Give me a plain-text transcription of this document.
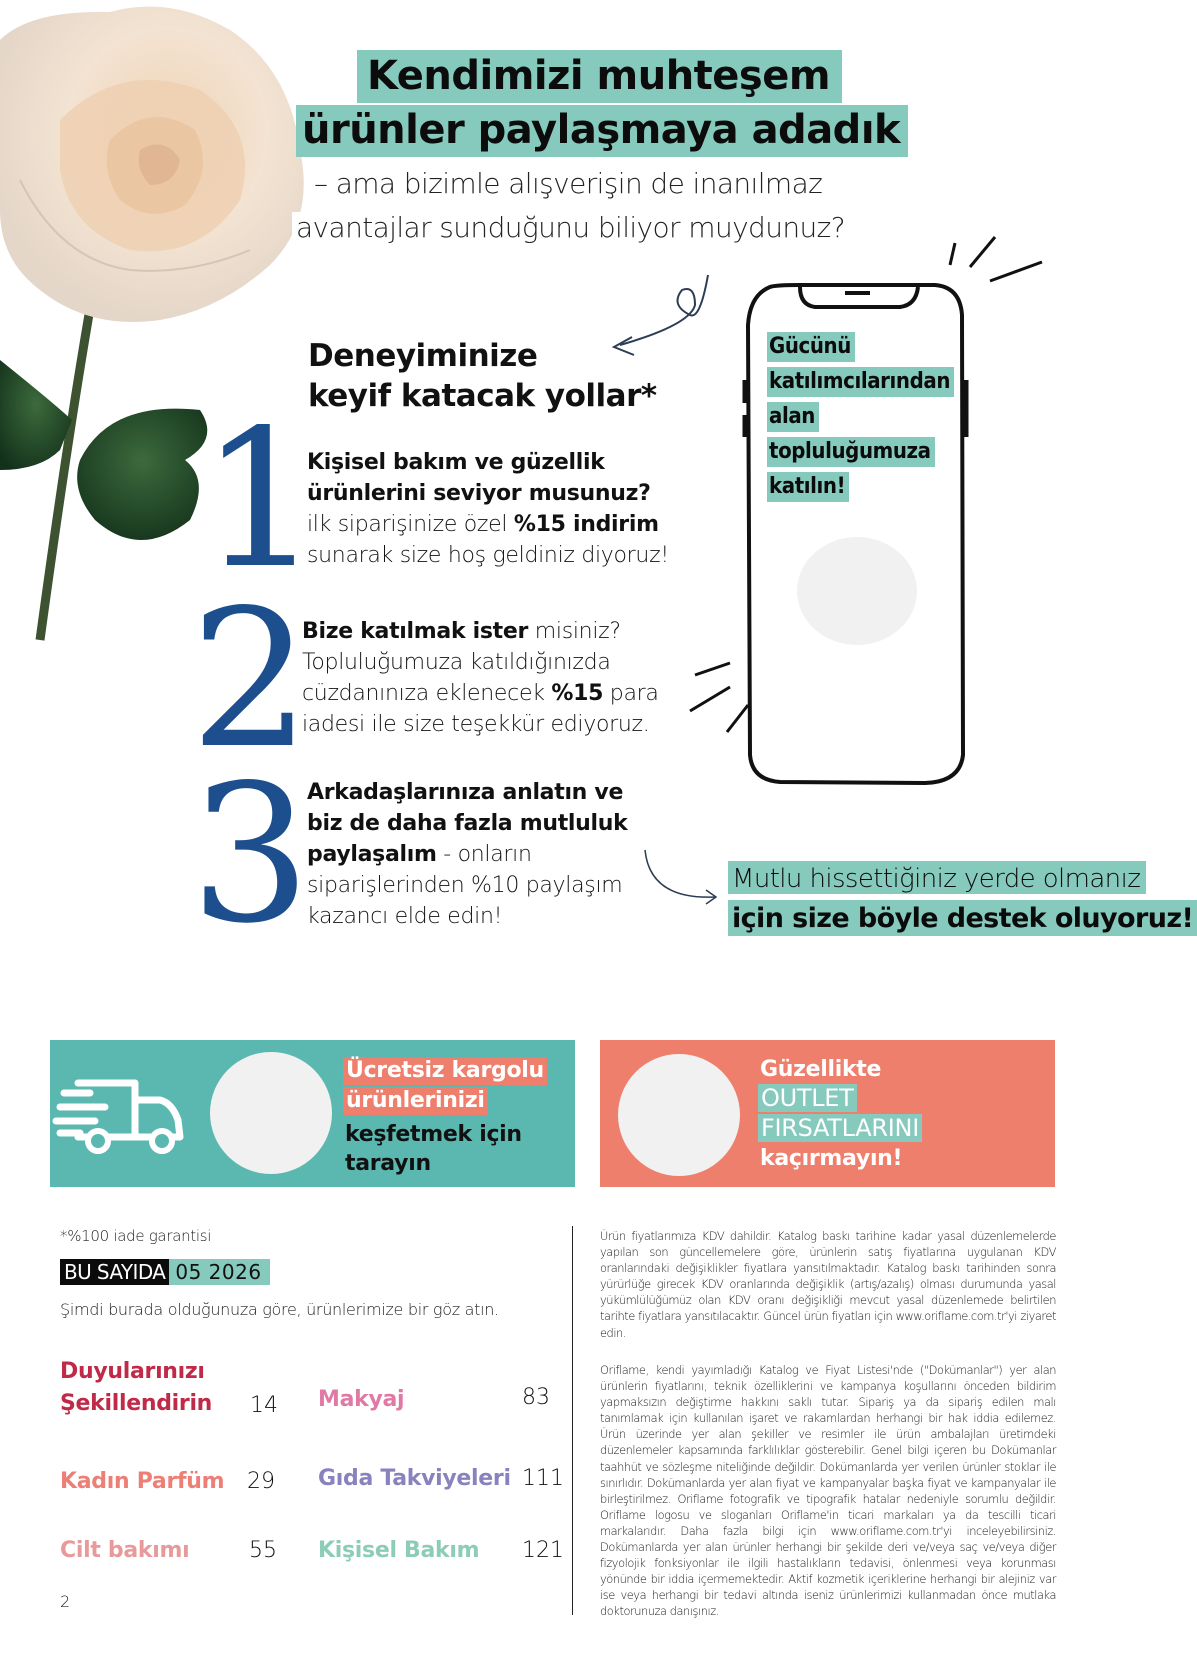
Kendimizi muhteşem
ürünler paylaşmaya adadık
– ama bizimle alışverişin de inanılmaz
avantajlar sunduğunu biliyor muydunuz?
Deneyiminize
keyif katacak yollar*
1
2
3
Kişisel bakım ve güzellik
ürünlerini seviyor musunuz?
ilk siparişinize özel %15 indirim
sunarak size hoş geldiniz diyoruz!
Bize katılmak ister misiniz?
Topluluğumuza katıldığınızda
cüzdanınıza eklenecek %15 para
iadesi ile size teşekkür ediyoruz.
Arkadaşlarınıza anlatın ve
biz de daha fazla mutluluk
paylaşalım - onların
siparişlerinden %10 paylaşım
kazancı elde edin!
Gücünü
katılımcılarından
alan
topluluğumuza
katılın!
Mutlu hissettiğiniz yerde olmanız
için size böyle destek oluyoruz!
Ücretsiz kargolu
ürünlerinizi
keşfetmek için
tarayın
Güzellikte
OUTLET
FIRSATLARINI
kaçırmayın!
*%100 iade garantisi
BU SAYIDA 05 2026
Şimdi burada olduğunuza göre, ürünlerimize bir göz atın.
Duyularınızı Şekillendirin	14 Makyaj	83
Kadın Parfüm 29 Gıda Takviyeleri 111
Cilt bakımı	55 Kişisel Bakım 121
2

Ürün fiyatlarımıza KDV dahildir. Katalog baskı tarihine kadar yasal düzenlemelerde yapılan son güncellemelere göre, ürünlerin satış fiyatlarına uygulanan KDV oranlarındaki değişiklikler fiyatlara yansıtılmaktadır. Katalog baskı tarihinden sonra yürürlüğe girecek KDV oranlarında değişiklik (artış/azalış) olması durumunda yasal yükümlülüğümüz olan KDV oranı değişikliği mevcut yasal düzenlemede belirtilen tarihte fiyatlara yansıtılacaktır. Güncel ürün fiyatları için www.oriflame.com.tr'yi ziyaret edin.

Oriflame, kendi yayımladığı Katalog ve Fiyat Listesi'nde ("Dokümanlar") yer alan ürünlerin fiyatlarını, teknik özelliklerini ve kampanya koşullarını önceden bildirim yapmaksızın değiştirme hakkını saklı tutar. Sipariş ya da sipariş edilen malı tanımlamak için kullanılan işaret ve rakamlardan herhangi bir hak iddia edilemez. Ürün üzerinde yer alan şekiller ve resimler ile ürün ambalajları üretimdeki düzenlemeler kapsamında farklılıklar gösterebilir. Genel bilgi içeren bu Dokümanlar taahhüt ve sözleşme niteliğinde değildir. Dokümanlarda yer verilen ürünler stoklar ile sınırlıdır. Dokümanlarda yer alan fiyat ve kampanyalar başka fiyat ve kampanyalar ile birleştirilmez. Oriflame fotografik ve tipografik hatalar nedeniyle sorumlu değildir. Oriflame logosu ve sloganları Oriflame'in ticari markaları ya da tescilli ticari markalarıdır. Daha fazla bilgi için www.oriflame.com.tr'yi inceleyebilirsiniz. Dokümanlarda yer alan ürünler herhangi bir şekilde deri ve/veya saç ve/veya diğer fizyolojik fonksiyonlar ile ilgili hastalıkların tedavisi, önlenmesi veya korunması yönünde bir iddia içermemektedir. Aktif kozmetik içeriklerine herhangi bir alejiniz var ise veya herhangi bir tedavi altında iseniz ürünlerimizi kullanmadan önce mutlaka doktorunuza danışınız.
